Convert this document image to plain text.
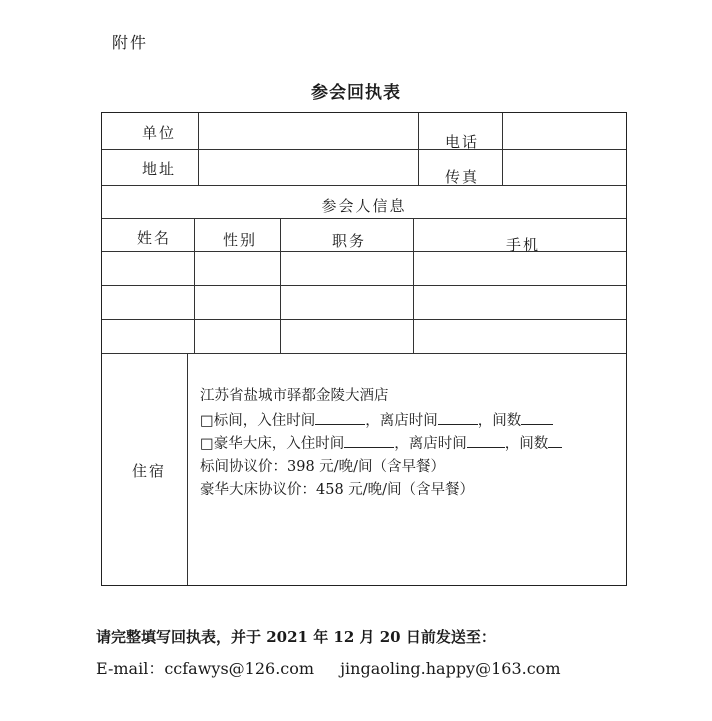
附件
参会回执表
单位	电话
地址	传真
参会人信息
姓名	性别	职务	手机
住宿
江苏省盐城市驿都金陵大酒店
□标间，入住时间	，离店时间	，间数
□豪华大床，入住时间	，离店时间	，间数
标间协议价：398 元/晚/间（含早餐）
豪华大床协议价：458 元/晚/间（含早餐）
请完整填写回执表，并于 2021 年 12 月 20 日前发送至：
E-mail：ccfawys@126.com jingaoling.happy@163.com
